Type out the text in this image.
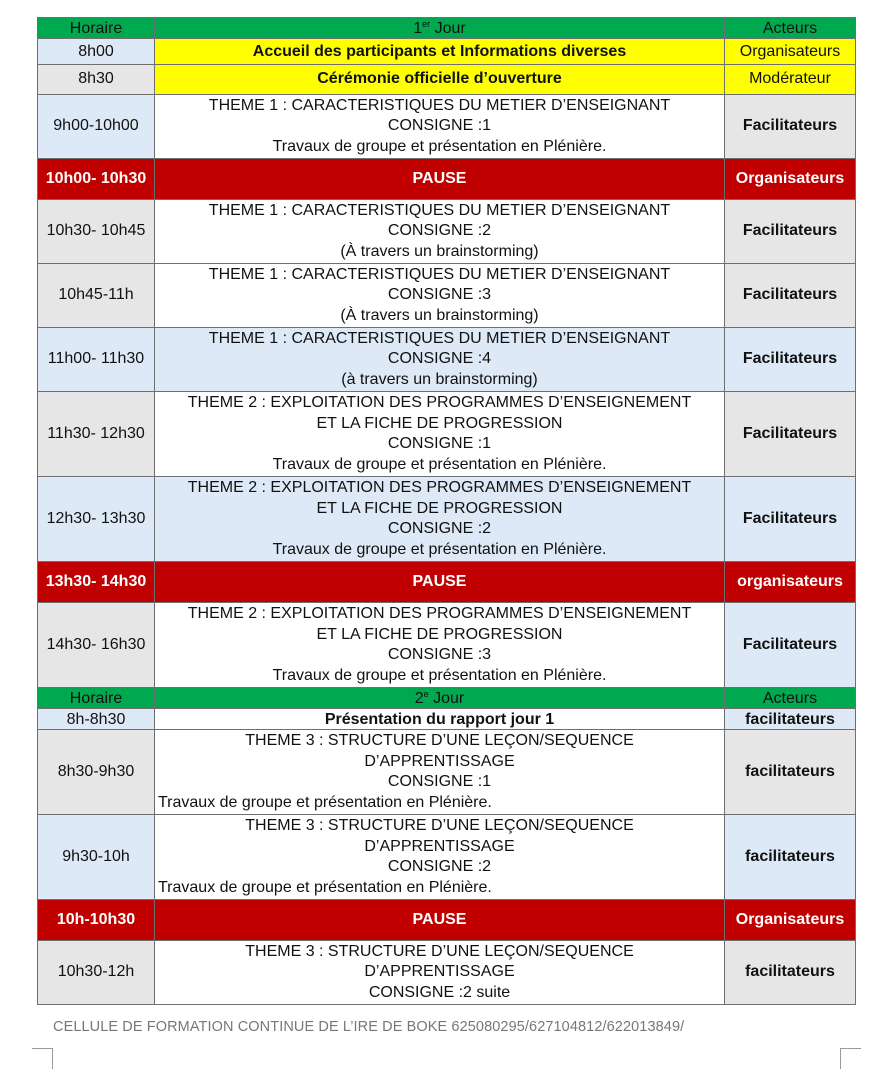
Horaire	1er Jour	Acteurs
8h00	Accueil des participants et Informations diverses	Organisateurs
8h30	Cérémonie officielle d’ouverture	Modérateur
9h00-10h00	THEME 1 : CARACTERISTIQUES DU METIER D’ENSEIGNANT
CONSIGNE :1
Travaux de groupe et présentation en Plénière.	Facilitateurs
10h00- 10h30	PAUSE	Organisateurs
10h30- 10h45	THEME 1 : CARACTERISTIQUES DU METIER D’ENSEIGNANT
CONSIGNE :2
(À travers un brainstorming)	Facilitateurs
10h45-11h	THEME 1 : CARACTERISTIQUES DU METIER D’ENSEIGNANT
CONSIGNE :3
(À travers un brainstorming)	Facilitateurs
11h00- 11h30	THEME 1 : CARACTERISTIQUES DU METIER D’ENSEIGNANT
CONSIGNE :4
(à travers un brainstorming)	Facilitateurs
11h30- 12h30	THEME 2 : EXPLOITATION DES PROGRAMMES D’ENSEIGNEMENT
ET LA FICHE DE PROGRESSION
CONSIGNE :1
Travaux de groupe et présentation en Plénière.	Facilitateurs
12h30- 13h30	THEME 2 : EXPLOITATION DES PROGRAMMES D’ENSEIGNEMENT
ET LA FICHE DE PROGRESSION
CONSIGNE :2
Travaux de groupe et présentation en Plénière.	Facilitateurs
13h30- 14h30	PAUSE	organisateurs
14h30- 16h30	THEME 2 : EXPLOITATION DES PROGRAMMES D’ENSEIGNEMENT
ET LA FICHE DE PROGRESSION
CONSIGNE :3
Travaux de groupe et présentation en Plénière.	Facilitateurs
Horaire	2e Jour	Acteurs
8h-8h30	Présentation du rapport jour 1	facilitateurs
8h30-9h30	THEME 3 : STRUCTURE D’UNE LEÇON/SEQUENCE
D’APPRENTISSAGE
CONSIGNE :1
Travaux de groupe et présentation en Plénière.	facilitateurs
9h30-10h	THEME 3 : STRUCTURE D’UNE LEÇON/SEQUENCE
D’APPRENTISSAGE
CONSIGNE :2
Travaux de groupe et présentation en Plénière.	facilitateurs
10h-10h30	PAUSE	Organisateurs
10h30-12h	THEME 3 : STRUCTURE D’UNE LEÇON/SEQUENCE
D’APPRENTISSAGE
CONSIGNE :2 suite	facilitateurs
CELLULE DE FORMATION CONTINUE DE L’IRE DE BOKE 625080295/627104812/622013849/
